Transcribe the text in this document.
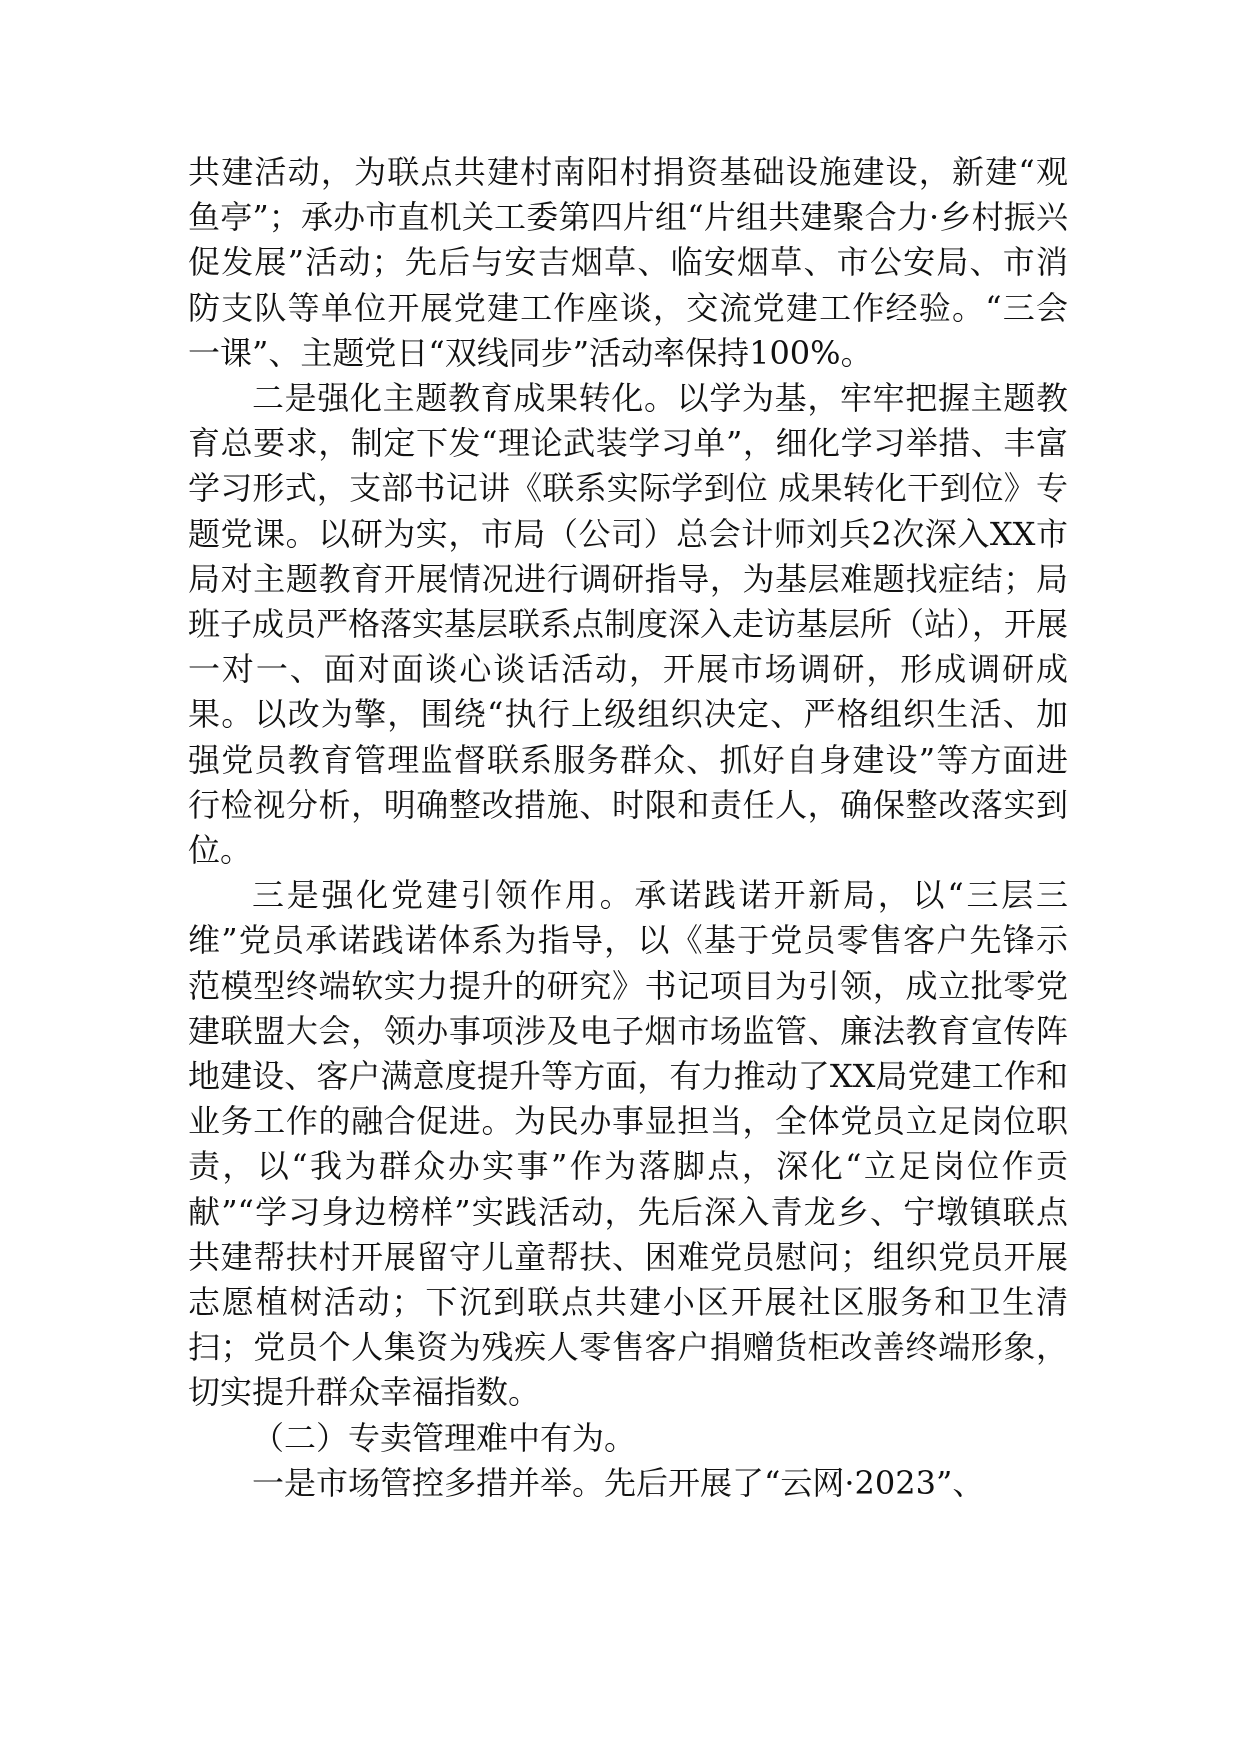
共建活动，为联点共建村南阳村捐资基础设施建设，新建“观鱼亭”；承办市直机关工委第四片组“片组共建聚合力·乡村振兴促发展”活动；先后与安吉烟草、临安烟草、市公安局、市消防支队等单位开展党建工作座谈，交流党建工作经验。“三会一课”、主题党日“双线同步”活动率保持100%。

二是强化主题教育成果转化。以学为基，牢牢把握主题教育总要求，制定下发“理论武装学习单”，细化学习举措、丰富学习形式，支部书记讲《联系实际学到位 成果转化干到位》专题党课。以研为实，市局（公司）总会计师刘兵2次深入XX市局对主题教育开展情况进行调研指导，为基层难题找症结；局班子成员严格落实基层联系点制度深入走访基层所（站），开展一对一、面对面谈心谈话活动，开展市场调研，形成调研成果。以改为擎，围绕“执行上级组织决定、严格组织生活、加强党员教育管理监督联系服务群众、抓好自身建设”等方面进行检视分析，明确整改措施、时限和责任人，确保整改落实到位。

三是强化党建引领作用。承诺践诺开新局，以“三层三维”党员承诺践诺体系为指导，以《基于党员零售客户先锋示范模型终端软实力提升的研究》书记项目为引领，成立批零党建联盟大会，领办事项涉及电子烟市场监管、廉法教育宣传阵地建设、客户满意度提升等方面，有力推动了XX局党建工作和业务工作的融合促进。为民办事显担当，全体党员立足岗位职责，以“我为群众办实事”作为落脚点，深化“立足岗位作贡献”“学习身边榜样”实践活动，先后深入青龙乡、宁墩镇联点共建帮扶村开展留守儿童帮扶、困难党员慰问；组织党员开展志愿植树活动；下沉到联点共建小区开展社区服务和卫生清扫；党员个人集资为残疾人零售客户捐赠货柜改善终端形象，切实提升群众幸福指数。

（二）专卖管理难中有为。

一是市场管控多措并举。先后开展了“云网·2023”、
